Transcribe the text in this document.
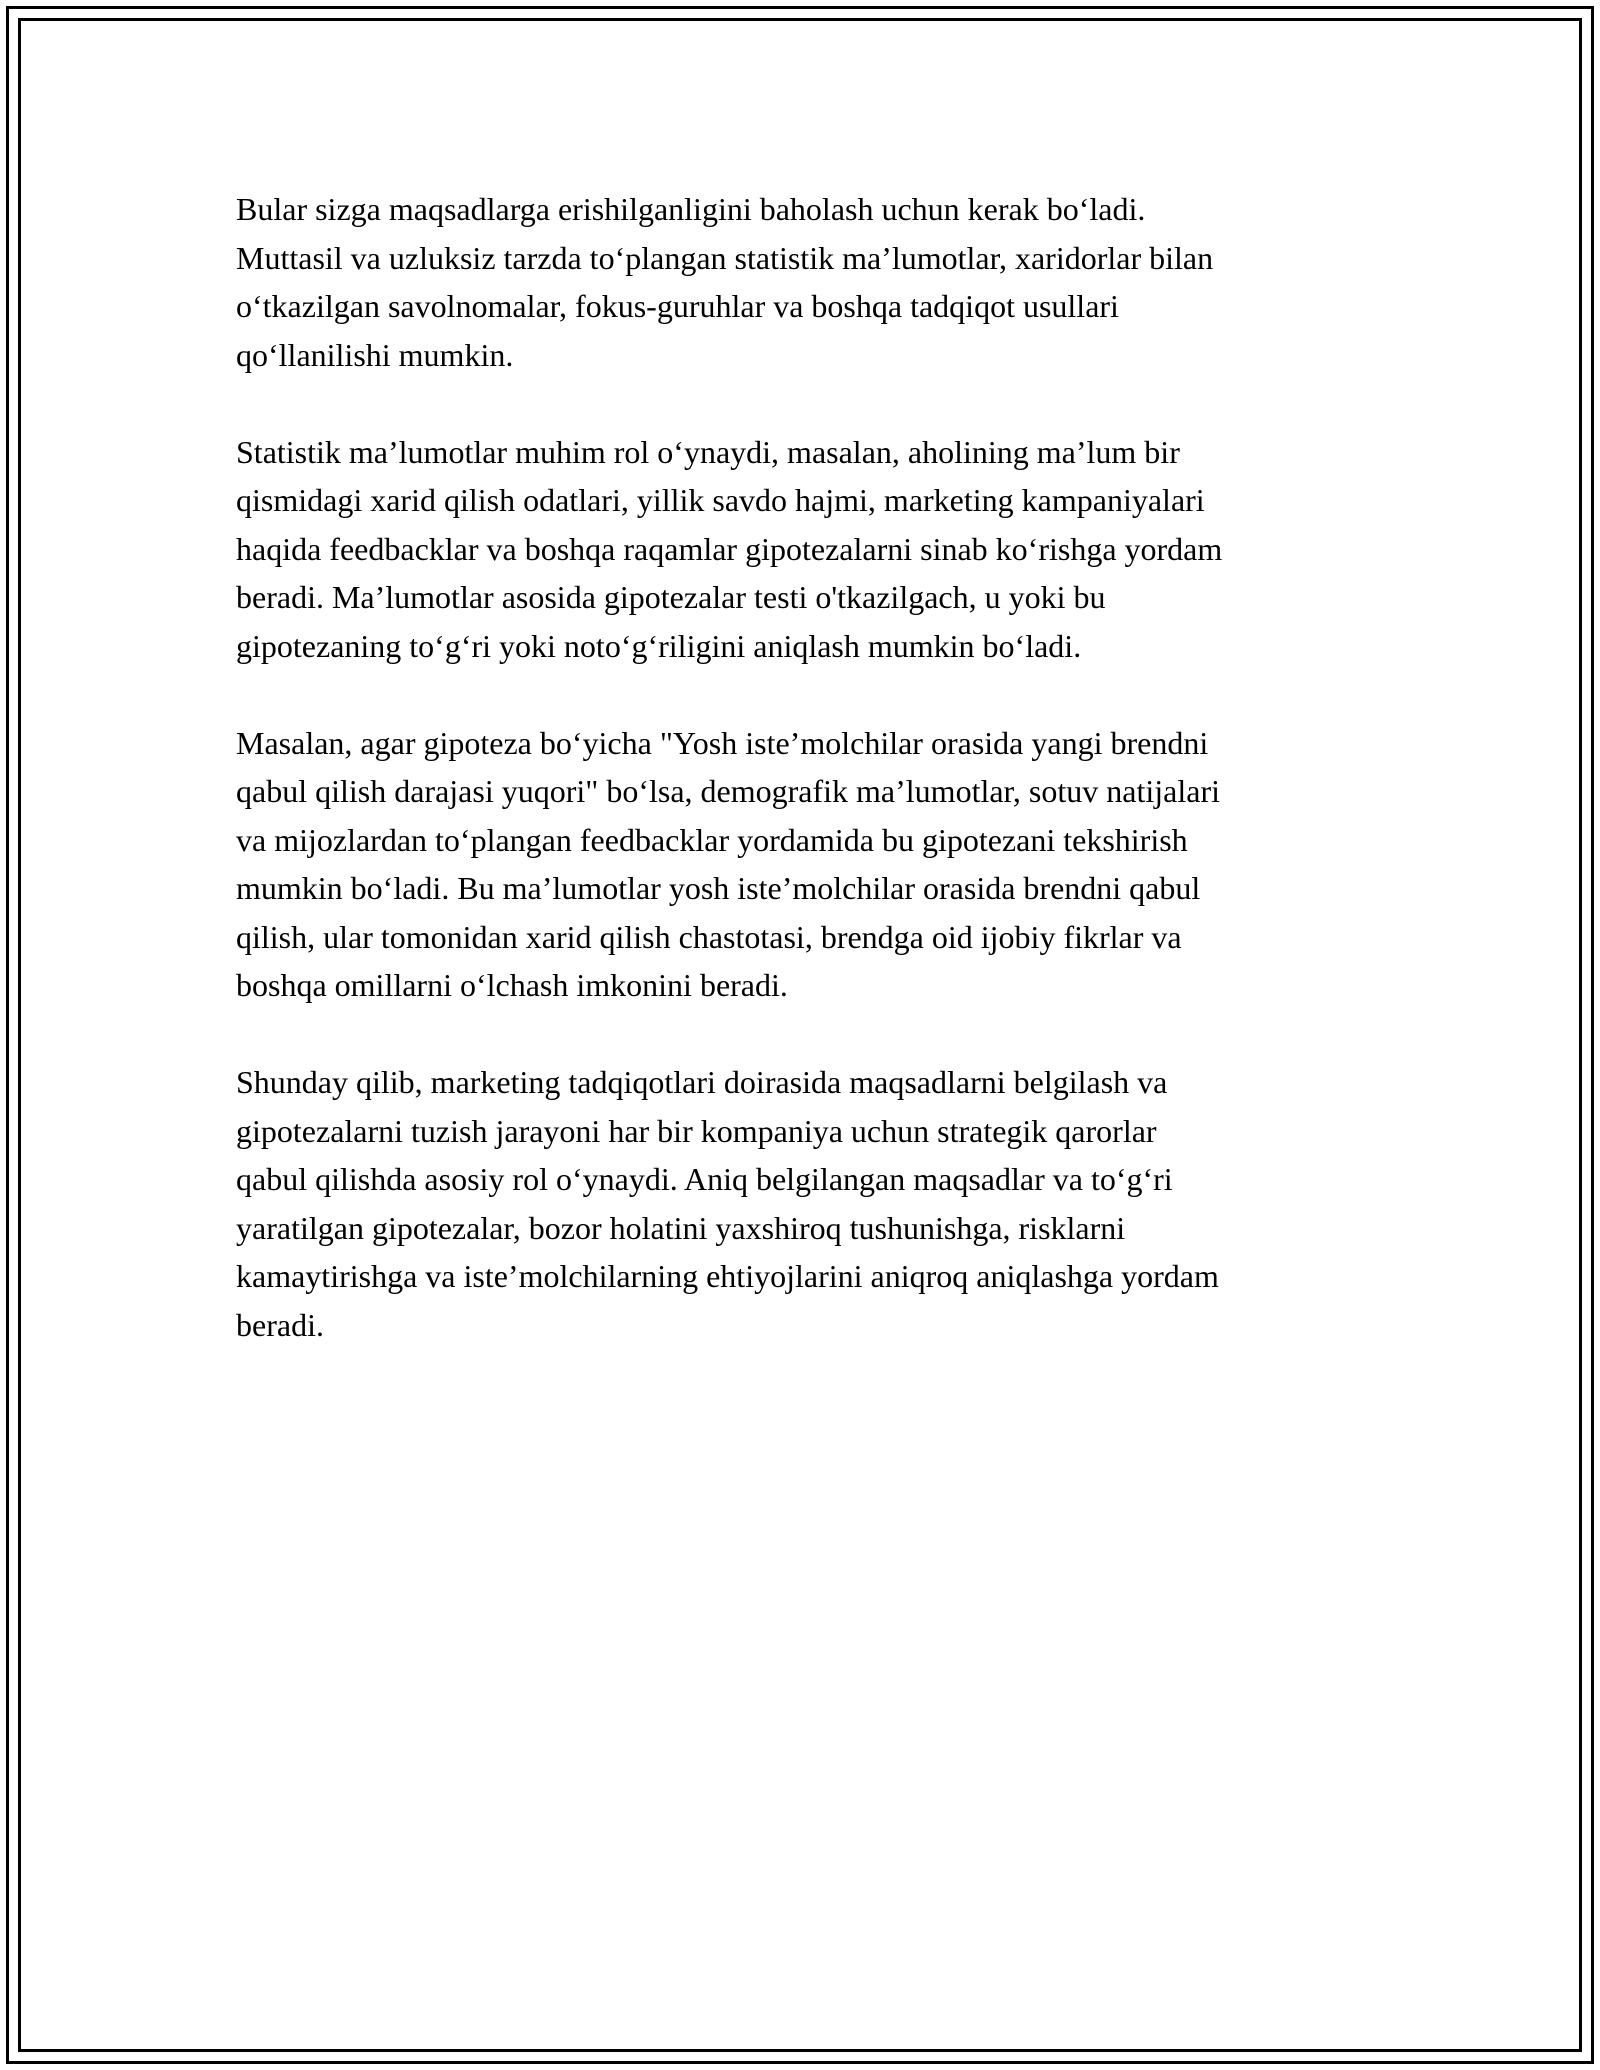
Bular sizga maqsadlarga erishilganligini baholash uchun kerak bo‘ladi.
Muttasil va uzluksiz tarzda to‘plangan statistik ma’lumotlar, xaridorlar bilan
o‘tkazilgan savolnomalar, fokus-guruhlar va boshqa tadqiqot usullari
qo‘llanilishi mumkin.

Statistik ma’lumotlar muhim rol o‘ynaydi, masalan, aholining ma’lum bir
qismidagi xarid qilish odatlari, yillik savdo hajmi, marketing kampaniyalari
haqida feedbacklar va boshqa raqamlar gipotezalarni sinab ko‘rishga yordam
beradi. Ma’lumotlar asosida gipotezalar testi o'tkazilgach, u yoki bu
gipotezaning to‘g‘ri yoki noto‘g‘riligini aniqlash mumkin bo‘ladi.

Masalan, agar gipoteza bo‘yicha "Yosh iste’molchilar orasida yangi brendni
qabul qilish darajasi yuqori" bo‘lsa, demografik ma’lumotlar, sotuv natijalari
va mijozlardan to‘plangan feedbacklar yordamida bu gipotezani tekshirish
mumkin bo‘ladi. Bu ma’lumotlar yosh iste’molchilar orasida brendni qabul
qilish, ular tomonidan xarid qilish chastotasi, brendga oid ijobiy fikrlar va
boshqa omillarni o‘lchash imkonini beradi.

Shunday qilib, marketing tadqiqotlari doirasida maqsadlarni belgilash va
gipotezalarni tuzish jarayoni har bir kompaniya uchun strategik qarorlar
qabul qilishda asosiy rol o‘ynaydi. Aniq belgilangan maqsadlar va to‘g‘ri
yaratilgan gipotezalar, bozor holatini yaxshiroq tushunishga, risklarni
kamaytirishga va iste’molchilarning ehtiyojlarini aniqroq aniqlashga yordam
beradi.
